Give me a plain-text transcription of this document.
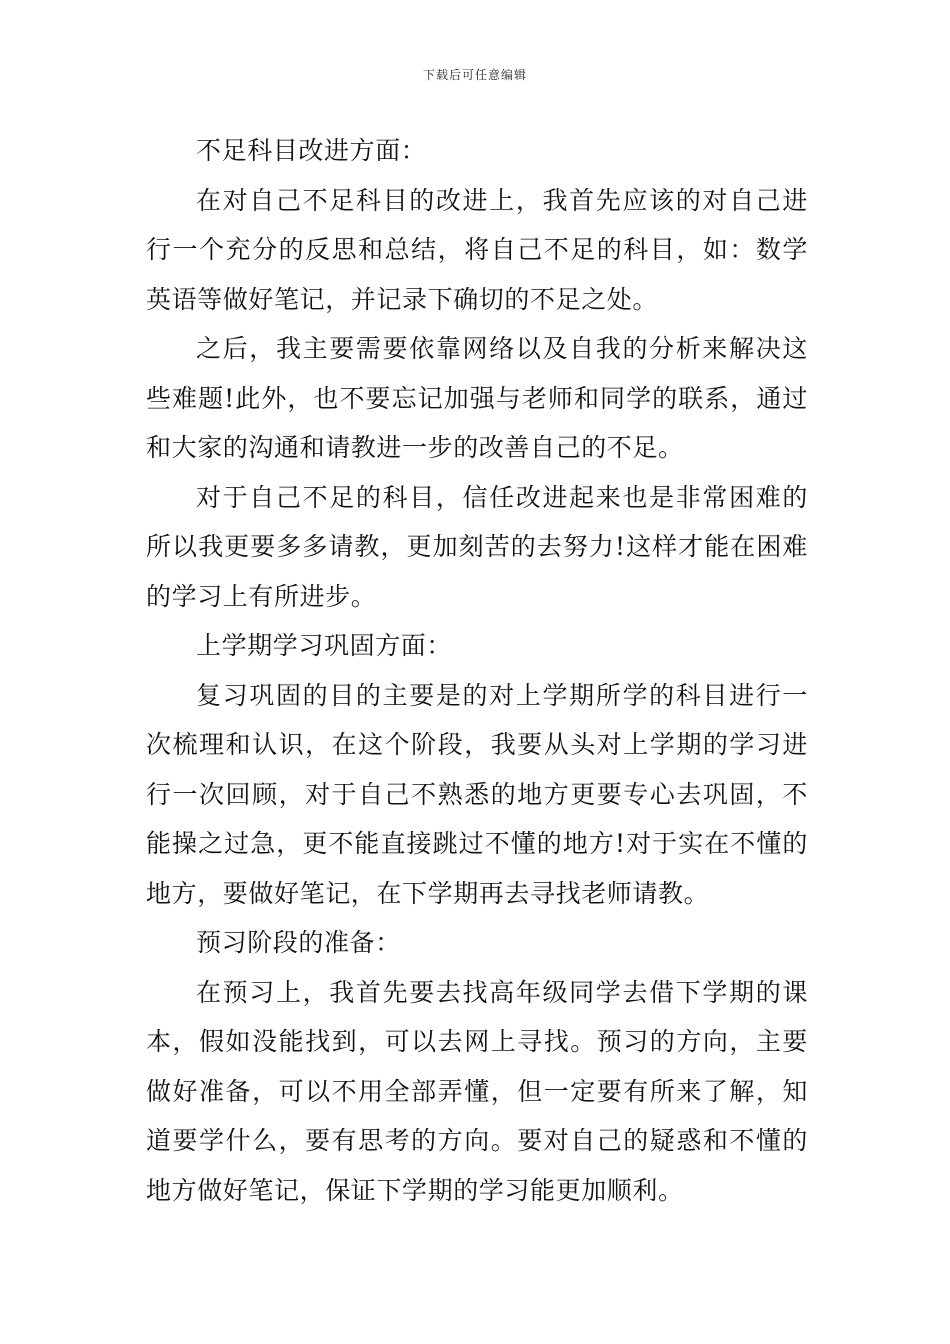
下载后可任意编辑

不足科目改进方面：

在对自己不足科目的改进上，我首先应该的对自己进行一个充分的反思和总结，将自己不足的科目，如：数学英语等做好笔记，并记录下确切的不足之处。

之后，我主要需要依靠网络以及自我的分析来解决这些难题!此外，也不要忘记加强与老师和同学的联系，通过和大家的沟通和请教进一步的改善自己的不足。

对于自己不足的科目，信任改进起来也是非常困难的所以我更要多多请教，更加刻苦的去努力!这样才能在困难的学习上有所进步。

上学期学习巩固方面：

复习巩固的目的主要是的对上学期所学的科目进行一次梳理和认识，在这个阶段，我要从头对上学期的学习进行一次回顾，对于自己不熟悉的地方更要专心去巩固，不能操之过急，更不能直接跳过不懂的地方!对于实在不懂的地方，要做好笔记，在下学期再去寻找老师请教。

预习阶段的准备：

在预习上，我首先要去找高年级同学去借下学期的课本，假如没能找到，可以去网上寻找。预习的方向，主要做好准备，可以不用全部弄懂，但一定要有所来了解，知道要学什么，要有思考的方向。要对自己的疑惑和不懂的地方做好笔记，保证下学期的学习能更加顺利。
